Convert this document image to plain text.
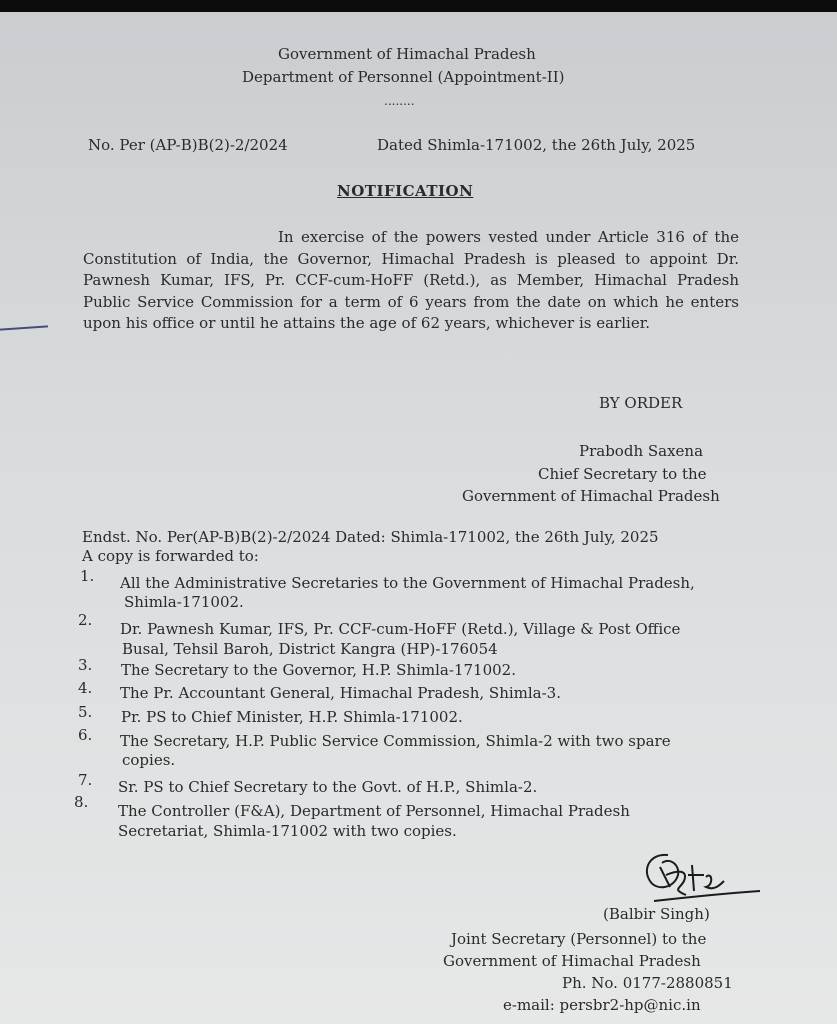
Government of Himachal Pradesh
Department of Personnel (Appointment-II)
........
No. Per (AP-B)B(2)-2/2024	Dated Shimla-171002, the 26th July, 2025
NOTIFICATION
In exercise of the powers vested under Article 316 of the Constitution of India, the Governor, Himachal Pradesh is pleased to appoint Dr. Pawnesh Kumar, IFS, Pr. CCF-cum-HoFF (Retd.), as Member, Himachal Pradesh Public Service Commission for a term of 6 years from the date on which he enters upon his office or until he attains the age of 62 years, whichever is earlier.
BY ORDER
Prabodh Saxena
Chief Secretary to the
Government of Himachal Pradesh
Endst. No. Per(AP-B)B(2)-2/2024 Dated: Shimla-171002, the 26th July, 2025
A copy is forwarded to:
1. All the Administrative Secretaries to the Government of Himachal Pradesh,
Shimla-171002.
2. Dr. Pawnesh Kumar, IFS, Pr. CCF-cum-HoFF (Retd.), Village & Post Office
Busal, Tehsil Baroh, District Kangra (HP)-176054
3. The Secretary to the Governor, H.P. Shimla-171002.
4. The Pr. Accountant General, Himachal Pradesh, Shimla-3.
5. Pr. PS to Chief Minister, H.P. Shimla-171002.
6. The Secretary, H.P. Public Service Commission, Shimla-2 with two spare
copies.
7. Sr. PS to Chief Secretary to the Govt. of H.P., Shimla-2.
8. The Controller (F&A), Department of Personnel, Himachal Pradesh
Secretariat, Shimla-171002 with two copies.
(Balbir Singh)
Joint Secretary (Personnel) to the
Government of Himachal Pradesh
Ph. No. 0177-2880851
e-mail: persbr2-hp@nic.in
